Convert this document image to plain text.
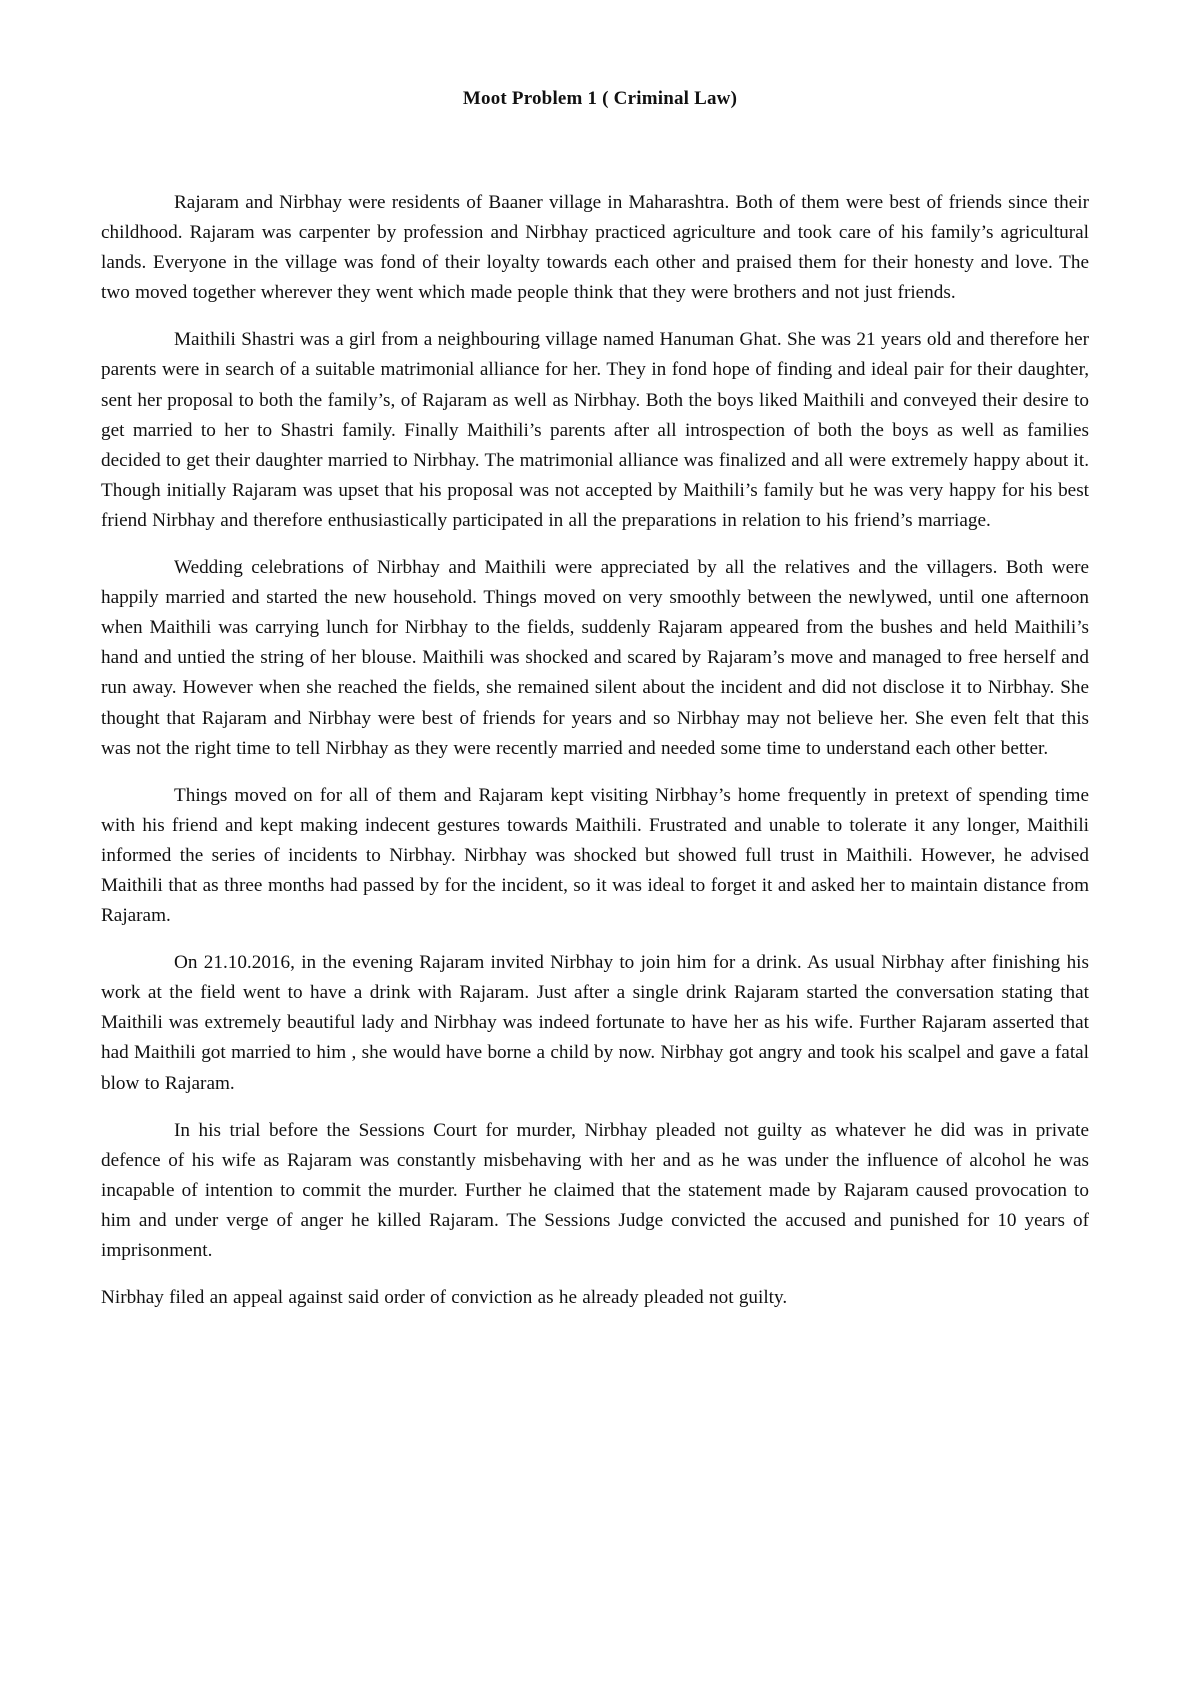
Moot Problem 1 ( Criminal Law)

Rajaram and Nirbhay were residents of Baaner village in Maharashtra. Both of them were best of friends since their childhood. Rajaram was carpenter by profession and Nirbhay practiced agriculture and took care of his family’s agricultural lands. Everyone in the village was fond of their loyalty towards each other and praised them for their honesty and love. The two moved together wherever they went which made people think that they were brothers and not just friends.

Maithili Shastri was a girl from a neighbouring village named Hanuman Ghat. She was 21 years old and therefore her parents were in search of a suitable matrimonial alliance for her. They in fond hope of finding and ideal pair for their daughter, sent her proposal to both the family’s, of Rajaram as well as Nirbhay. Both the boys liked Maithili and conveyed their desire to get married to her to Shastri family. Finally Maithili’s parents after all introspection of both the boys as well as families decided to get their daughter married to Nirbhay. The matrimonial alliance was finalized and all were extremely happy about it. Though initially Rajaram was upset that his proposal was not accepted by Maithili’s family but he was very happy for his best friend Nirbhay and therefore enthusiastically participated in all the preparations in relation to his friend’s marriage.

Wedding celebrations of Nirbhay and Maithili were appreciated by all the relatives and the villagers. Both were happily married and started the new household. Things moved on very smoothly between the newlywed, until one afternoon when Maithili was carrying lunch for Nirbhay to the fields, suddenly Rajaram appeared from the bushes and held Maithili’s hand and untied the string of her blouse. Maithili was shocked and scared by Rajaram’s move and managed to free herself and run away. However when she reached the fields, she remained silent about the incident and did not disclose it to Nirbhay. She thought that Rajaram and Nirbhay were best of friends for years and so Nirbhay may not believe her. She even felt that this was not the right time to tell Nirbhay as they were recently married and needed some time to understand each other better.

Things moved on for all of them and Rajaram kept visiting Nirbhay’s home frequently in pretext of spending time with his friend and kept making indecent gestures towards Maithili. Frustrated and unable to tolerate it any longer, Maithili informed the series of incidents to Nirbhay. Nirbhay was shocked but showed full trust in Maithili. However, he advised Maithili that as three months had passed by for the incident, so it was ideal to forget it and asked her to maintain distance from Rajaram.

On 21.10.2016, in the evening Rajaram invited Nirbhay to join him for a drink. As usual Nirbhay after finishing his work at the field went to have a drink with Rajaram. Just after a single drink Rajaram started the conversation stating that Maithili was extremely beautiful lady and Nirbhay was indeed fortunate to have her as his wife. Further Rajaram asserted that had Maithili got married to him , she would have borne a child by now. Nirbhay got angry and took his scalpel and gave a fatal blow to Rajaram.

In his trial before the Sessions Court for murder, Nirbhay pleaded not guilty as whatever he did was in private defence of his wife as Rajaram was constantly misbehaving with her and as he was under the influence of alcohol he was incapable of intention to commit the murder. Further he claimed that the statement made by Rajaram caused provocation to him and under verge of anger he killed Rajaram. The Sessions Judge convicted the accused and punished for 10 years of imprisonment.

Nirbhay filed an appeal against said order of conviction as he already pleaded not guilty.
